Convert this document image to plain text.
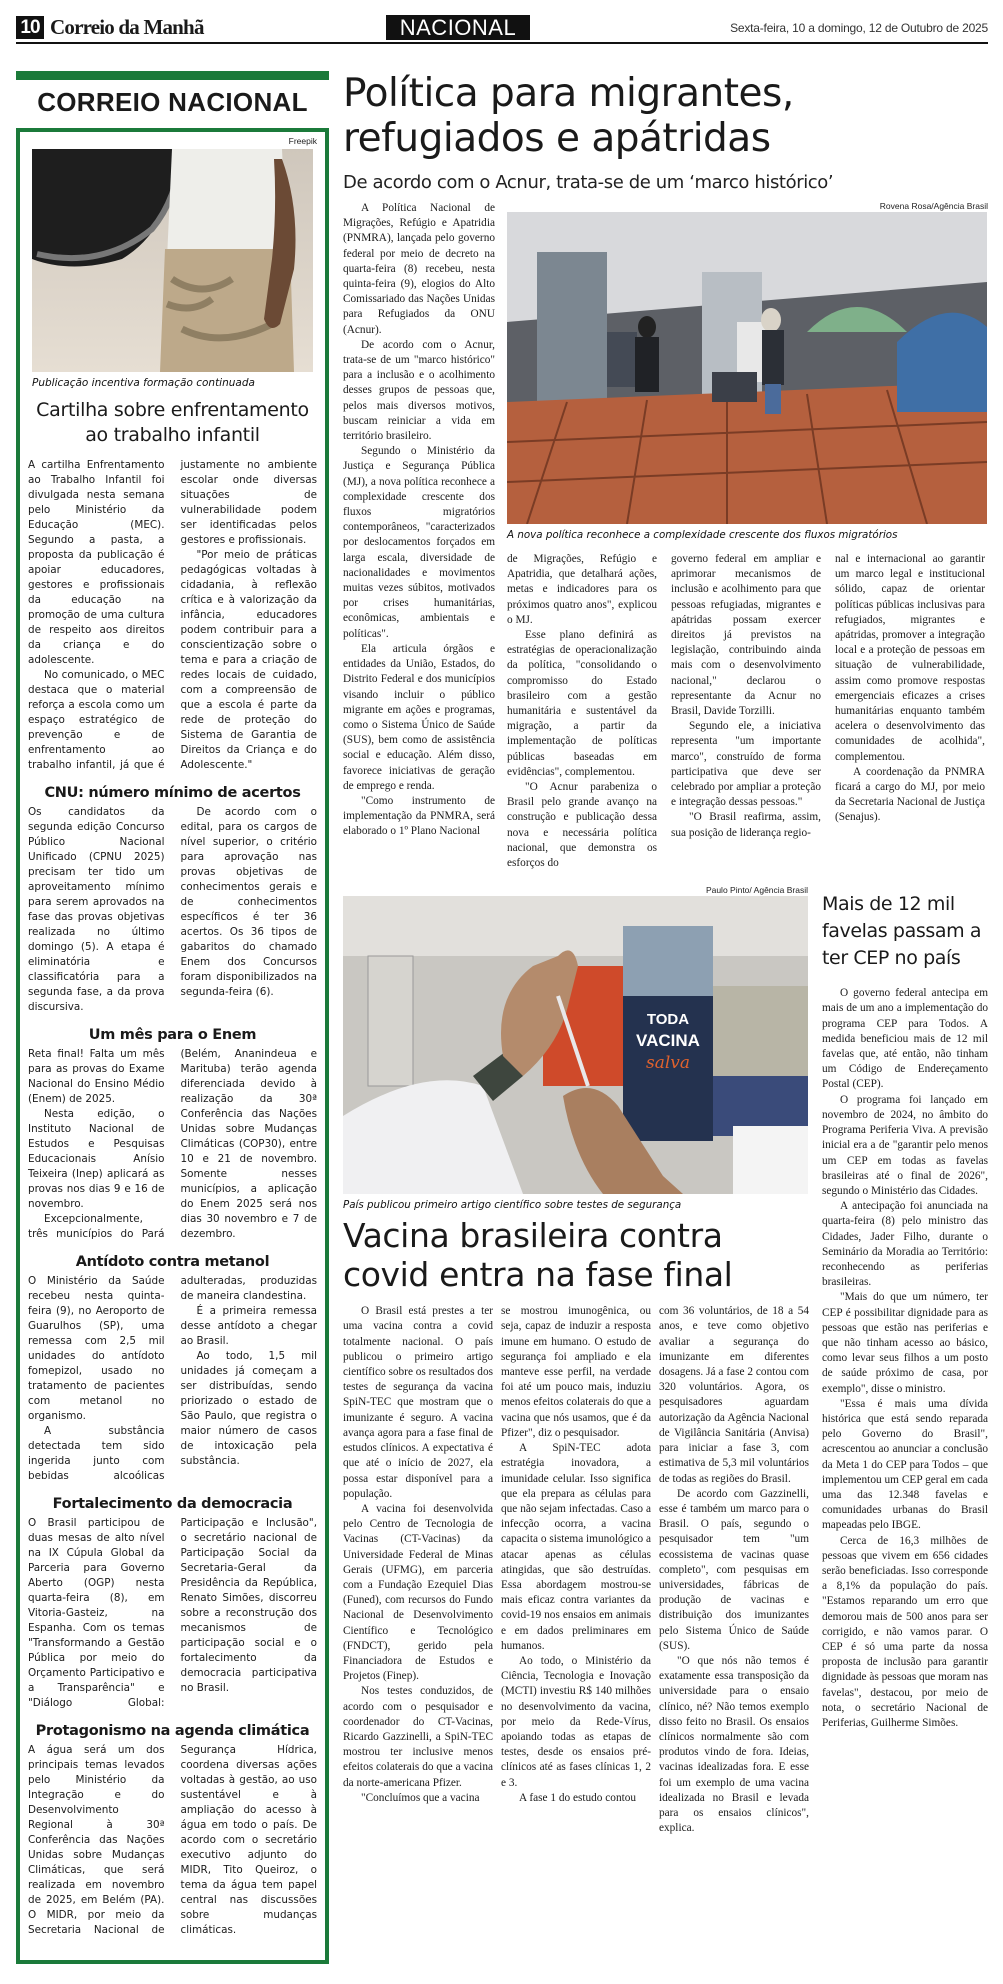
10 Correio da Manhã	NACIONAL	Sexta-feira, 10 a domingo, 12 de Outubro de 2025
CORREIO NACIONAL
Freepik
Publicação incentiva formação continuada
Cartilha sobre enfrentamento ao trabalho infantil

A cartilha Enfrentamento ao Trabalho Infantil foi divulgada nesta semana pelo Ministério da Educação (MEC). Segundo a pasta, a proposta da publicação é apoiar educadores, gestores e profissionais da educação na promoção de uma cultura de respeito aos direitos da criança e do adolescente.

No comunicado, o MEC destaca que o material reforça a escola como um espaço estratégico de prevenção e de enfrentamento ao trabalho infantil, já que é justamente no ambiente escolar onde diversas situações de vulnerabilidade podem ser identificadas pelos gestores e profissionais.

"Por meio de práticas pedagógicas voltadas à cidadania, à reflexão crítica e à valorização da infância, educadores podem contribuir para a conscientização sobre o tema e para a criação de redes locais de cuidado, com a compreensão de que a escola é parte da rede de proteção do Sistema de Garantia de Direitos da Criança e do Adolescente."

CNU: número mínimo de acertos

Os candidatos da segunda edição Concurso Público Nacional Unificado (CPNU 2025) precisam ter tido um aproveitamento mínimo para serem aprovados na fase das provas objetivas realizada no último domingo (5). A etapa é eliminatória e classificatória para a segunda fase, a da prova discursiva.

De acordo com o edital, para os cargos de nível superior, o critério para aprovação nas provas objetivas de conhecimentos gerais e de conhecimentos específicos é ter 36 acertos. Os 36 tipos de gabaritos do chamado Enem dos Concursos foram disponibilizados na segunda-feira (6).

Um mês para o Enem

Reta final! Falta um mês para as provas do Exame Nacional do Ensino Médio (Enem) de 2025.

Nesta edição, o Instituto Nacional de Estudos e Pesquisas Educacionais Anísio Teixeira (Inep) aplicará as provas nos dias 9 e 16 de novembro.

Excepcionalmente, três municípios do Pará (Belém, Ananindeua e Marituba) terão agenda diferenciada devido à realização da 30ª Conferência das Nações Unidas sobre Mudanças Climáticas (COP30), entre 10 e 21 de novembro. Somente nesses municípios, a aplicação do Enem 2025 será nos dias 30 novembro e 7 de dezembro.

Antídoto contra metanol

O Ministério da Saúde recebeu nesta quinta-feira (9), no Aeroporto de Guarulhos (SP), uma remessa com 2,5 mil unidades do antídoto fomepizol, usado no tratamento de pacientes com metanol no organismo.

A substância detectada tem sido ingerida junto com bebidas alcoólicas adulteradas, produzidas de maneira clandestina.

É a primeira remessa desse antídoto a chegar ao Brasil.

Ao todo, 1,5 mil unidades já começam a ser distribuídas, sendo priorizado o estado de São Paulo, que registra o maior número de casos de intoxicação pela substância.

Fortalecimento da democracia

O Brasil participou de duas mesas de alto nível na IX Cúpula Global da Parceria para Governo Aberto (OGP) nesta quarta-feira (8), em Vitoria-Gasteiz, na Espanha. Com os temas "Transformando a Gestão Pública por meio do Orçamento Participativo e a Transparência" e "Diálogo Global: Participação e Inclusão", o secretário nacional de Participação Social da Secretaria-Geral da Presidência da República, Renato Simões, discorreu sobre a reconstrução dos mecanismos de participação social e o fortalecimento da democracia participativa no Brasil.

Protagonismo na agenda climática

A água será um dos principais temas levados pelo Ministério da Integração e do Desenvolvimento Regional à 30ª Conferência das Nações Unidas sobre Mudanças Climáticas, que será realizada em novembro de 2025, em Belém (PA). O MIDR, por meio da Secretaria Nacional de Segurança Hídrica, coordena diversas ações voltadas à gestão, ao uso sustentável e à ampliação do acesso à água em todo o país. De acordo com o secretário executivo adjunto do MIDR, Tito Queiroz, o tema da água tem papel central nas discussões sobre mudanças climáticas.

Política para migrantes, refugiados e apátridas
De acordo com o Acnur, trata-se de um ‘marco histórico’

A Política Nacional de Migrações, Refúgio e Apatridia (PNMRA), lançada pelo governo federal por meio de decreto na quarta-feira (8) recebeu, nesta quinta-feira (9), elogios do Alto Comissariado das Nações Unidas para Refugiados da ONU (Acnur).

De acordo com o Acnur, trata-se de um "marco histórico" para a inclusão e o acolhimento desses grupos de pessoas que, pelos mais diversos motivos, buscam reiniciar a vida em território brasileiro.

Segundo o Ministério da Justiça e Segurança Pública (MJ), a nova política reconhece a complexidade crescente dos fluxos migratórios contemporâneos, "caracterizados por deslocamentos forçados em larga escala, diversidade de nacionalidades e movimentos muitas vezes súbitos, motivados por crises humanitárias, econômicas, ambientais e políticas".

Ela articula órgãos e entidades da União, Estados, do Distrito Federal e dos municípios visando incluir o público migrante em ações e programas, como o Sistema Único de Saúde (SUS), bem como de assistência social e educação. Além disso, favorece iniciativas de geração de emprego e renda.

"Como instrumento de implementação da PNMRA, será elaborado o 1º Plano Nacional

Rovena Rosa/Agência Brasil
A nova política reconhece a complexidade crescente dos fluxos migratórios

de Migrações, Refúgio e Apatridia, que detalhará ações, metas e indicadores para os próximos quatro anos", explicou o MJ.

Esse plano definirá as estratégias de operacionalização da política, "consolidando o compromisso do Estado brasileiro com a gestão humanitária e sustentável da migração, a partir da implementação de políticas públicas baseadas em evidências", complementou.

"O Acnur parabeniza o Brasil pelo grande avanço na construção e publicação dessa nova e necessária política nacional, que demonstra os esforços do

governo federal em ampliar e aprimorar mecanismos de inclusão e acolhimento para que pessoas refugiadas, migrantes e apátridas possam exercer direitos já previstos na legislação, contribuindo ainda mais com o desenvolvimento nacional," declarou o representante da Acnur no Brasil, Davide Torzilli.

Segundo ele, a iniciativa representa "um importante marco", construído de forma participativa que deve ser celebrado por ampliar a proteção e integração dessas pessoas."

"O Brasil reafirma, assim, sua posição de liderança regio-

nal e internacional ao garantir um marco legal e institucional sólido, capaz de orientar políticas públicas inclusivas para refugiados, migrantes e apátridas, promover a integração local e a proteção de pessoas em situação de vulnerabilidade, assim como promove respostas emergenciais eficazes a crises humanitárias enquanto também acelera o desenvolvimento das comunidades de acolhida", complementou.

A coordenação da PNMRA ficará a cargo do MJ, por meio da Secretaria Nacional de Justiça (Senajus).

Paulo Pinto/ Agência Brasil
TODA
VACINA
salva
País publicou primeiro artigo científico sobre testes de segurança
Vacina brasileira contra covid entra na fase final

O Brasil está prestes a ter uma vacina contra a covid totalmente nacional. O país publicou o primeiro artigo científico sobre os resultados dos testes de segurança da vacina SpiN-TEC que mostram que o imunizante é seguro. A vacina avança agora para a fase final de estudos clínicos. A expectativa é que até o início de 2027, ela possa estar disponível para a população.

A vacina foi desenvolvida pelo Centro de Tecnologia de Vacinas (CT-Vacinas) da Universidade Federal de Minas Gerais (UFMG), em parceria com a Fundação Ezequiel Dias (Funed), com recursos do Fundo Nacional de Desenvolvimento Científico e Tecnológico (FNDCT), gerido pela Financiadora de Estudos e Projetos (Finep).

Nos testes conduzidos, de acordo com o pesquisador e coordenador do CT-Vacinas, Ricardo Gazzinelli, a SpiN-TEC mostrou ter inclusive menos efeitos colaterais do que a vacina da norte-americana Pfizer.

"Concluímos que a vacina

se mostrou imunogênica, ou seja, capaz de induzir a resposta imune em humano. O estudo de segurança foi ampliado e ela manteve esse perfil, na verdade foi até um pouco mais, induziu menos efeitos colaterais do que a vacina que nós usamos, que é da Pfizer", diz o pesquisador.

A SpiN-TEC adota estratégia inovadora, a imunidade celular. Isso significa que ela prepara as células para que não sejam infectadas. Caso a infecção ocorra, a vacina capacita o sistema imunológico a atacar apenas as células atingidas, que são destruídas. Essa abordagem mostrou-se mais eficaz contra variantes da covid-19 nos ensaios em animais e em dados preliminares em humanos.

Ao todo, o Ministério da Ciência, Tecnologia e Inovação (MCTI) investiu R$ 140 milhões no desenvolvimento da vacina, por meio da Rede-Vírus, apoiando todas as etapas de testes, desde os ensaios pré-clínicos até as fases clínicas 1, 2 e 3.

A fase 1 do estudo contou

com 36 voluntários, de 18 a 54 anos, e teve como objetivo avaliar a segurança do imunizante em diferentes dosagens. Já a fase 2 contou com 320 voluntários. Agora, os pesquisadores aguardam autorização da Agência Nacional de Vigilância Sanitária (Anvisa) para iniciar a fase 3, com estimativa de 5,3 mil voluntários de todas as regiões do Brasil.

De acordo com Gazzinelli, esse é também um marco para o Brasil. O país, segundo o pesquisador tem "um ecossistema de vacinas quase completo", com pesquisas em universidades, fábricas de produção de vacinas e distribuição dos imunizantes pelo Sistema Único de Saúde (SUS).

"O que nós não temos é exatamente essa transposição da universidade para o ensaio clínico, né? Não temos exemplo disso feito no Brasil. Os ensaios clínicos normalmente são com produtos vindo de fora. Ideias, vacinas idealizadas fora. E esse foi um exemplo de uma vacina idealizada no Brasil e levada para os ensaios clínicos", explica.

Mais de 12 mil favelas passam a ter CEP no país

O governo federal antecipa em mais de um ano a implementação do programa CEP para Todos. A medida beneficiou mais de 12 mil favelas que, até então, não tinham um Código de Endereçamento Postal (CEP).

O programa foi lançado em novembro de 2024, no âmbito do Programa Periferia Viva. A previsão inicial era a de "garantir pelo menos um CEP em todas as favelas brasileiras até o final de 2026", segundo o Ministério das Cidades.

A antecipação foi anunciada na quarta-feira (8) pelo ministro das Cidades, Jader Filho, durante o Seminário da Moradia ao Território: reconhecendo as periferias brasileiras.

"Mais do que um número, ter CEP é possibilitar dignidade para as pessoas que estão nas periferias e que não tinham acesso ao básico, como levar seus filhos a um posto de saúde próximo de casa, por exemplo", disse o ministro.

"Essa é mais uma dívida histórica que está sendo reparada pelo Governo do Brasil", acrescentou ao anunciar a conclusão da Meta 1 do CEP para Todos – que implementou um CEP geral em cada uma das 12.348 favelas e comunidades urbanas do Brasil mapeadas pelo IBGE.

Cerca de 16,3 milhões de pessoas que vivem em 656 cidades serão beneficiadas. Isso corresponde a 8,1% da população do país. "Estamos reparando um erro que demorou mais de 500 anos para ser corrigido, e não vamos parar. O CEP é só uma parte da nossa proposta de inclusão para garantir dignidade às pessoas que moram nas favelas", destacou, por meio de nota, o secretário Nacional de Periferias, Guilherme Simões.
